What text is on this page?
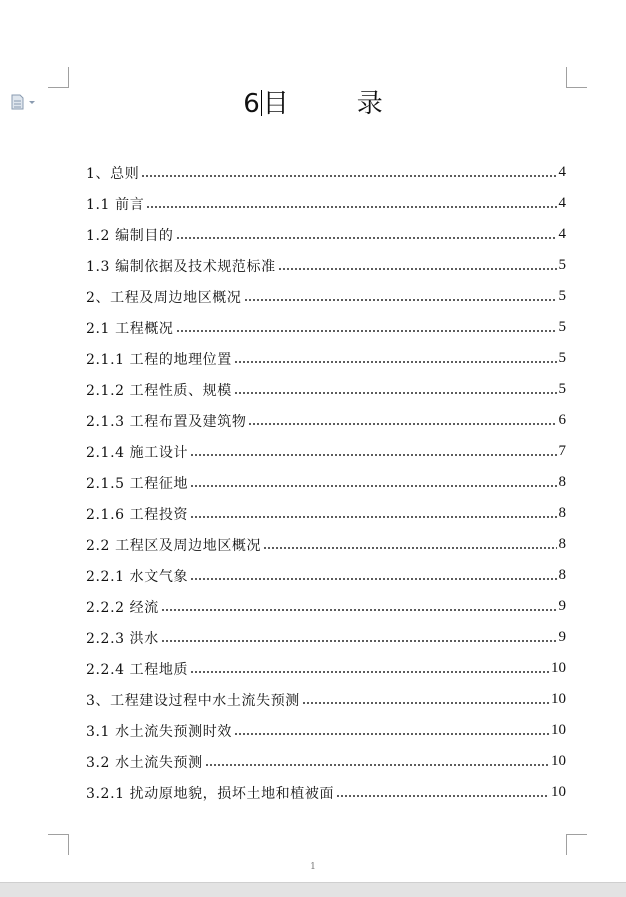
6 目	录
1、总则	4
1.1 前言	4
1.2 编制目的	4
1.3 编制依据及技术规范标准	5
2、工程及周边地区概况	5
2.1 工程概况	5
2.1.1 工程的地理位置	5
2.1.2 工程性质、规模	5
2.1.3 工程布置及建筑物	6
2.1.4 施工设计	7
2.1.5 工程征地	8
2.1.6 工程投资	8
2.2 工程区及周边地区概况	8
2.2.1 水文气象	8
2.2.2 经流	9
2.2.3 洪水	9
2.2.4 工程地质	10
3、工程建设过程中水土流失预测	10
3.1 水土流失预测时效	10
3.2 水土流失预测	10
3.2.1 扰动原地貌，损坏土地和植被面	10
1
